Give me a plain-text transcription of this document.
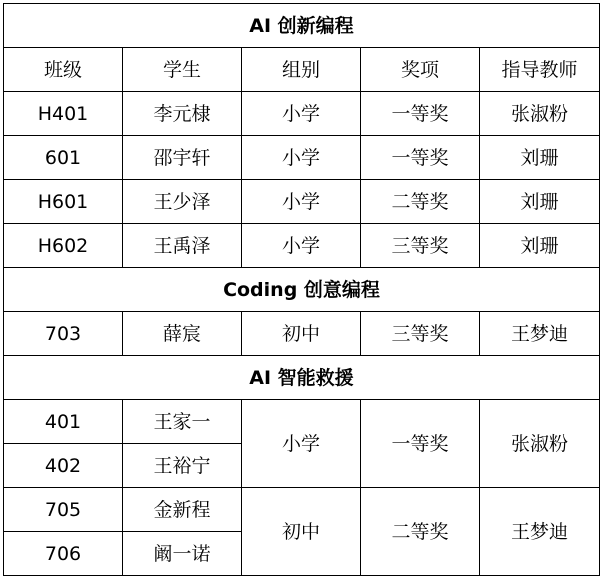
AI 创新编程				
班级	学生	组别	奖项	指导教师
H401	李元棣	小学	一等奖	张淑粉
601	邵宇轩	小学	一等奖	刘珊
H601	王少泽	小学	二等奖	刘珊
H602	王禹泽	小学	三等奖	刘珊
Coding 创意编程				
703	薛宸	初中	三等奖	王梦迪
AI 智能救援				
401	王家一	小学	一等奖	张淑粉
402	王裕宁			
705	金新程	初中	二等奖	王梦迪
706	阚一诺			
